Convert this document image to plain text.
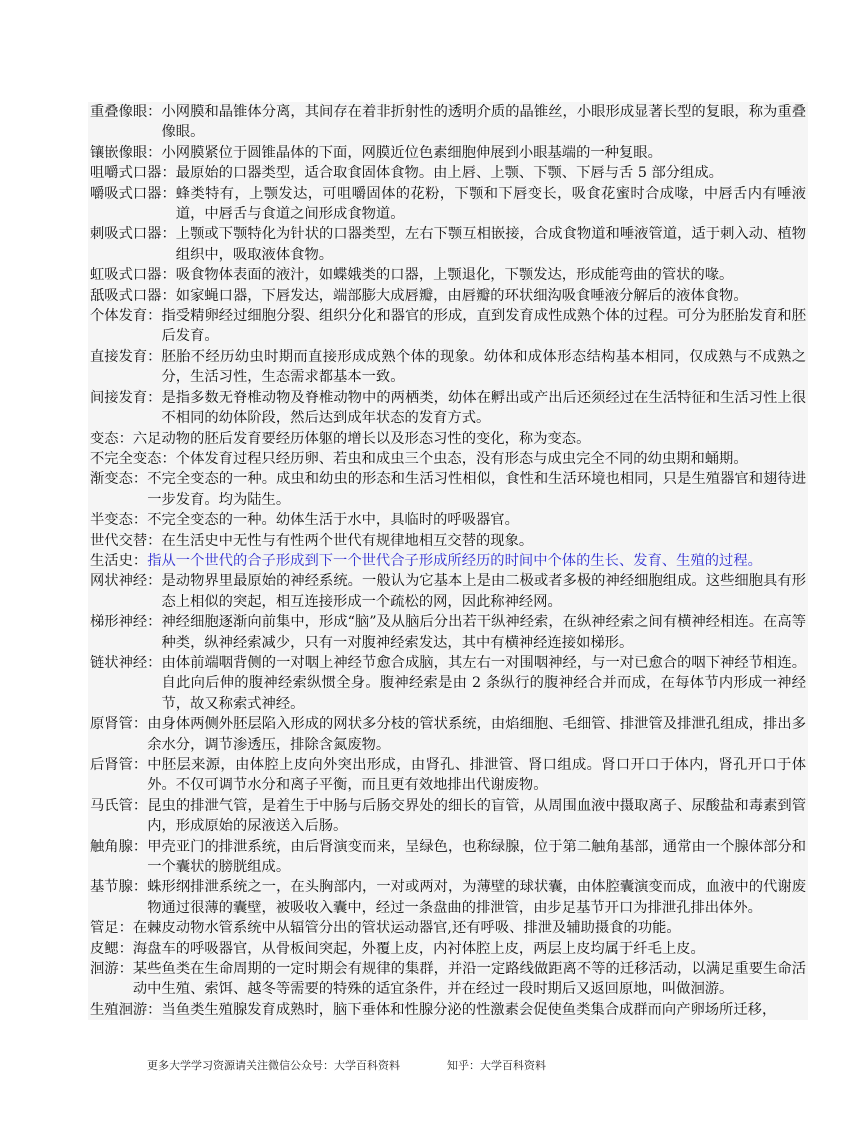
重叠像眼： 小网膜和晶锥体分离，其间存在着非折射性的透明介质的晶锥丝，小眼形成显著长型的复眼，称为重叠像眼。
镶嵌像眼： 小网膜紧位于圆锥晶体的下面，网膜近位色素细胞伸展到小眼基端的一种复眼。
咀嚼式口器： 最原始的口器类型，适合取食固体食物。由上唇、上颚、下颚、下唇与舌 5 部分组成。
嚼吸式口器： 蜂类特有，上颚发达，可咀嚼固体的花粉，下颚和下唇变长，吸食花蜜时合成喙，中唇舌内有唾液道，中唇舌与食道之间形成食物道。
刺吸式口器： 上颚或下颚特化为针状的口器类型，左右下颚互相嵌接，合成食物道和唾液管道，适于刺入动、植物组织中，吸取液体食物。
虹吸式口器： 吸食物体表面的液汁，如蝶娥类的口器，上颚退化，下颚发达，形成能弯曲的管状的喙。
舐吸式口器： 如家蝇口器，下唇发达，端部膨大成唇瓣，由唇瓣的环状细沟吸食唾液分解后的液体食物。
个体发育： 指受精卵经过细胞分裂、组织分化和器官的形成，直到发育成性成熟个体的过程。可分为胚胎发育和胚后发育。
直接发育： 胚胎不经历幼虫时期而直接形成成熟个体的现象。幼体和成体形态结构基本相同，仅成熟与不成熟之分，生活习性，生态需求都基本一致。
间接发育： 是指多数无脊椎动物及脊椎动物中的两栖类，幼体在孵出或产出后还须经过在生活特征和生活习性上很不相同的幼体阶段，然后达到成年状态的发育方式。
变态： 六足动物的胚后发育要经历体躯的增长以及形态习性的变化，称为变态。
不完全变态： 个体发育过程只经历卵、若虫和成虫三个虫态，没有形态与成虫完全不同的幼虫期和蛹期。
渐变态： 不完全变态的一种。成虫和幼虫的形态和生活习性相似，食性和生活环境也相同，只是生殖器官和翅待进一步发育。均为陆生。
半变态： 不完全变态的一种。幼体生活于水中，具临时的呼吸器官。
世代交替： 在生活史中无性与有性两个世代有规律地相互交替的现象。
生活史： 指从一个世代的合子形成到下一个世代合子形成所经历的时间中个体的生长、发育、生殖的过程。
网状神经： 是动物界里最原始的神经系统。一般认为它基本上是由二极或者多极的神经细胞组成。这些细胞具有形态上相似的突起，相互连接形成一个疏松的网，因此称神经网。
梯形神经： 神经细胞逐渐向前集中，形成“脑”及从脑后分出若干纵神经索，在纵神经索之间有横神经相连。在高等种类，纵神经索减少，只有一对腹神经索发达，其中有横神经连接如梯形。
链状神经： 由体前端咽背侧的一对咽上神经节愈合成脑，其左右一对围咽神经，与一对已愈合的咽下神经节相连。自此向后伸的腹神经索纵惯全身。腹神经索是由 2 条纵行的腹神经合并而成，在每体节内形成一神经节，故又称索式神经。
原肾管： 由身体两侧外胚层陷入形成的网状多分枝的管状系统，由焰细胞、毛细管、排泄管及排泄孔组成，排出多余水分，调节渗透压，排除含氮废物。
后肾管： 中胚层来源，由体腔上皮向外突出形成，由肾孔、排泄管、肾口组成。肾口开口于体内，肾孔开口于体外。不仅可调节水分和离子平衡，而且更有效地排出代谢废物。
马氏管： 昆虫的排泄气管，是着生于中肠与后肠交界处的细长的盲管，从周围血液中摄取离子、尿酸盐和毒素到管内，形成原始的尿液送入后肠。
触角腺： 甲壳亚门的排泄系统，由后肾演变而来，呈绿色，也称绿腺，位于第二触角基部，通常由一个腺体部分和一个囊状的膀胱组成。
基节腺： 蛛形纲排泄系统之一，在头胸部内，一对或两对，为薄壁的球状囊，由体腔囊演变而成，血液中的代谢废物通过很薄的囊壁，被吸收入囊中，经过一条盘曲的排泄管，由步足基节开口为排泄孔排出体外。
管足： 在棘皮动物水管系统中从辐管分出的管状运动器官,还有呼吸、排泄及辅助摄食的功能。
皮鳃： 海盘车的呼吸器官，从骨板间突起，外覆上皮，内衬体腔上皮，两层上皮均属于纤毛上皮。
洄游： 某些鱼类在生命周期的一定时期会有规律的集群，并沿一定路线做距离不等的迁移活动，以满足重要生命活动中生殖、索饵、越冬等需要的特殊的适宜条件，并在经过一段时期后又返回原地，叫做洄游。
生殖洄游： 当鱼类生殖腺发育成熟时，脑下垂体和性腺分泌的性激素会促使鱼类集合成群而向产卵场所迁移，
更多大学学习资源请关注微信公众号：大学百科资料	知乎：大学百科资料
